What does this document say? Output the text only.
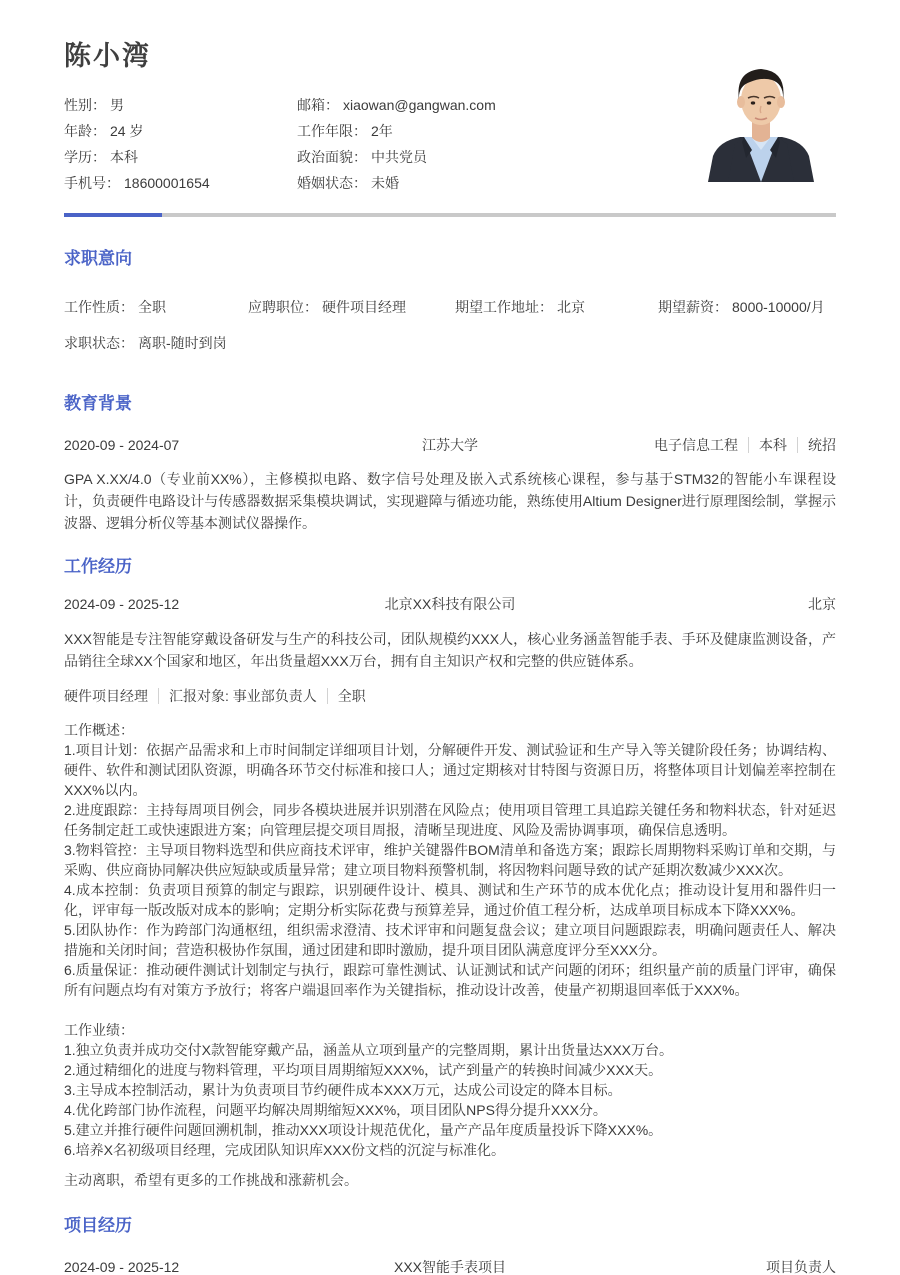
陈小湾
性别： 男
年龄： 24 岁
学历： 本科
手机号： 18600001654
邮箱： xiaowan@gangwan.com
工作年限： 2年
政治面貌： 中共党员
婚姻状态： 未婚
求职意向
工作性质： 全职	应聘职位： 硬件项目经理	期望工作地址： 北京	期望薪资： 8000-10000/月
求职状态： 离职-随时到岗
教育背景
2020-09 - 2024-07	江苏大学	电子信息工程 本科 统招
GPA X.XX/4.0（专业前XX%），主修模拟电路、数字信号处理及嵌入式系统核心课程，参与基于STM32的智能小车课程设计，负责硬件电路设计与传感器数据采集模块调试，实现避障与循迹功能，熟练使用Altium Designer进行原理图绘制，掌握示波器、逻辑分析仪等基本测试仪器操作。
工作经历
2024-09 - 2025-12	北京XX科技有限公司	北京
XXX智能是专注智能穿戴设备研发与生产的科技公司，团队规模约XXX人，核心业务涵盖智能手表、手环及健康监测设备，产品销往全球XX个国家和地区，年出货量超XXX万台，拥有自主知识产权和完整的供应链体系。
硬件项目经理 汇报对象: 事业部负责人 全职

工作概述：

1.项目计划：依据产品需求和上市时间制定详细项目计划，分解硬件开发、测试验证和生产导入等关键阶段任务；协调结构、硬件、软件和测试团队资源，明确各环节交付标准和接口人；通过定期核对甘特图与资源日历，将整体项目计划偏差率控制在XXX%以内。

2.进度跟踪：主持每周项目例会，同步各模块进展并识别潜在风险点；使用项目管理工具追踪关键任务和物料状态，针对延迟任务制定赶工或快速跟进方案；向管理层提交项目周报，清晰呈现进度、风险及需协调事项，确保信息透明。

3.物料管控：主导项目物料选型和供应商技术评审，维护关键器件BOM清单和备选方案；跟踪长周期物料采购订单和交期，与采购、供应商协同解决供应短缺或质量异常；建立项目物料预警机制，将因物料问题导致的试产延期次数减少XXX次。

4.成本控制：负责项目预算的制定与跟踪，识别硬件设计、模具、测试和生产环节的成本优化点；推动设计复用和器件归一化，评审每一版改版对成本的影响；定期分析实际花费与预算差异，通过价值工程分析，达成单项目标成本下降XXX%。

5.团队协作：作为跨部门沟通枢纽，组织需求澄清、技术评审和问题复盘会议；建立项目问题跟踪表，明确问题责任人、解决措施和关闭时间；营造积极协作氛围，通过团建和即时激励，提升项目团队满意度评分至XXX分。

6.质量保证：推动硬件测试计划制定与执行，跟踪可靠性测试、认证测试和试产问题的闭环；组织量产前的质量门评审，确保所有问题点均有对策方予放行；将客户端退回率作为关键指标，推动设计改善，使量产初期退回率低于XXX%。

工作业绩：

1.独立负责并成功交付X款智能穿戴产品，涵盖从立项到量产的完整周期，累计出货量达XXX万台。

2.通过精细化的进度与物料管理，平均项目周期缩短XXX%，试产到量产的转换时间减少XXX天。

3.主导成本控制活动，累计为负责项目节约硬件成本XXX万元，达成公司设定的降本目标。

4.优化跨部门协作流程，问题平均解决周期缩短XXX%，项目团队NPS得分提升XXX分。

5.建立并推行硬件问题回溯机制，推动XXX项设计规范优化，量产产品年度质量投诉下降XXX%。

6.培养X名初级项目经理，完成团队知识库XXX份文档的沉淀与标准化。

主动离职，希望有更多的工作挑战和涨薪机会。
项目经历
2024-09 - 2025-12	XXX智能手表项目	项目负责人
